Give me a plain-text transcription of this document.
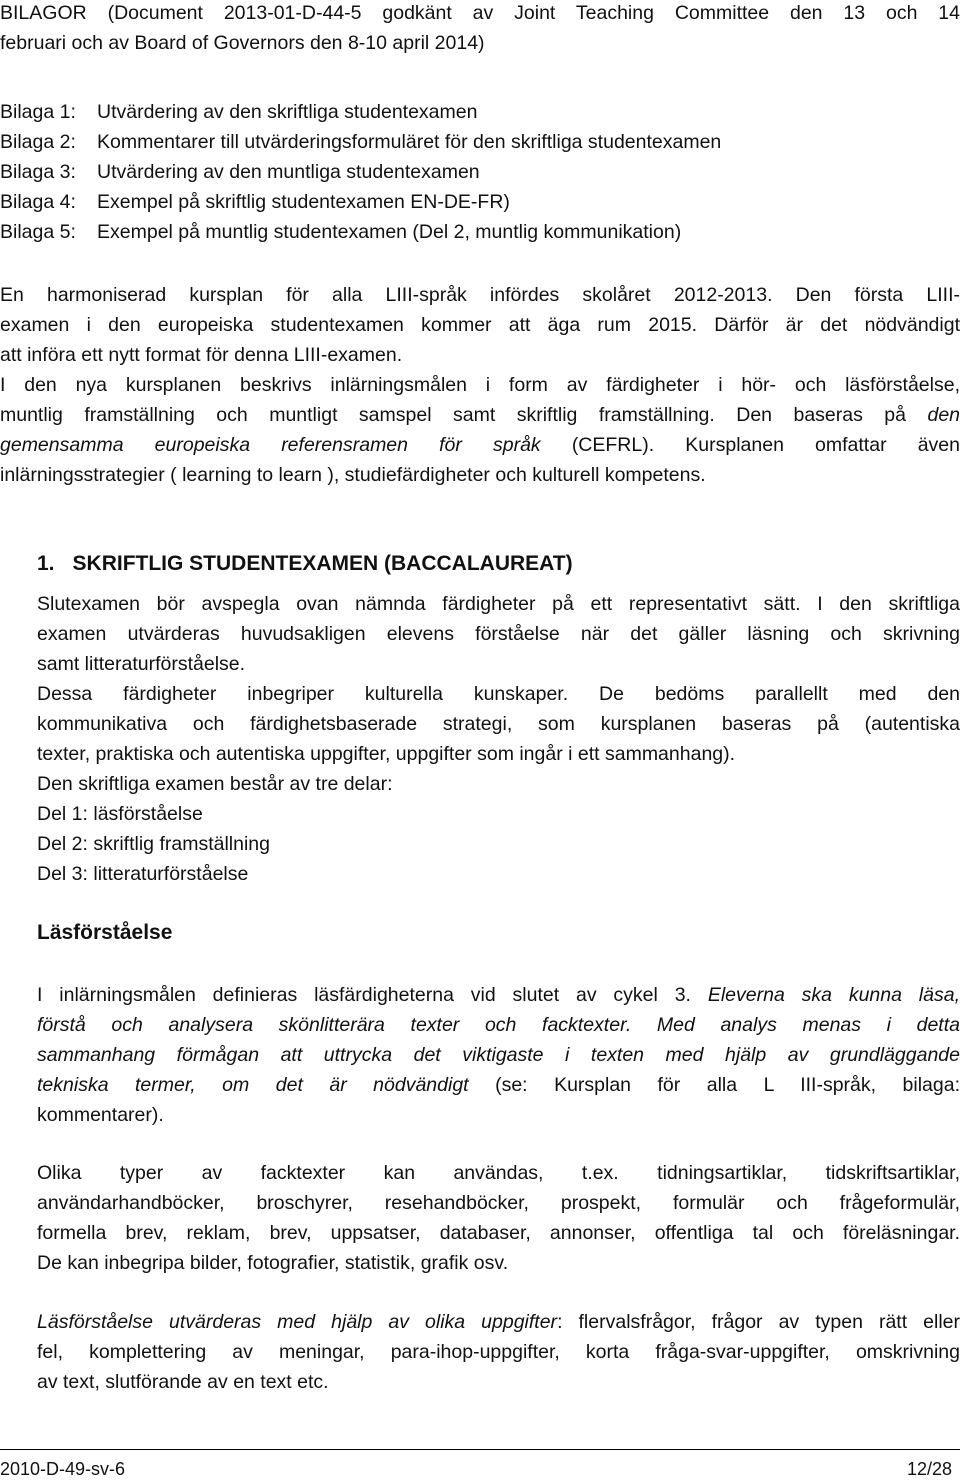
BILAGOR (Document 2013-01-D-44-5 godkänt av Joint Teaching Committee den 13 och 14
februari och av Board of Governors den 8-10 april 2014)
Bilaga 1: Utvärdering av den skriftliga studentexamen
Bilaga 2: Kommentarer till utvärderingsformuläret för den skriftliga studentexamen
Bilaga 3: Utvärdering av den muntliga studentexamen
Bilaga 4: Exempel på skriftlig studentexamen EN-DE-FR)
Bilaga 5: Exempel på muntlig studentexamen (Del 2, muntlig kommunikation)
En harmoniserad kursplan för alla LIII-språk infördes skolåret 2012-2013. Den första LIII-
examen i den europeiska studentexamen kommer att äga rum 2015. Därför är det nödvändigt
att införa ett nytt format för denna LIII-examen.
I den nya kursplanen beskrivs inlärningsmålen i form av färdigheter i hör- och läsförståelse,
muntlig framställning och muntligt samspel samt skriftlig framställning. Den baseras på den
gemensamma europeiska referensramen för språk (CEFRL). Kursplanen omfattar även
inlärningsstrategier ( learning to learn ), studiefärdigheter och kulturell kompetens.
1. SKRIFTLIG STUDENTEXAMEN (BACCALAUREAT)
Slutexamen bör avspegla ovan nämnda färdigheter på ett representativt sätt. I den skriftliga
examen utvärderas huvudsakligen elevens förståelse när det gäller läsning och skrivning
samt litteraturförståelse.
Dessa färdigheter inbegriper kulturella kunskaper. De bedöms parallellt med den
kommunikativa och färdighetsbaserade strategi, som kursplanen baseras på (autentiska
texter, praktiska och autentiska uppgifter, uppgifter som ingår i ett sammanhang).
Den skriftliga examen består av tre delar:
Del 1: läsförståelse
Del 2: skriftlig framställning
Del 3: litteraturförståelse
Läsförståelse
I inlärningsmålen definieras läsfärdigheterna vid slutet av cykel 3. Eleverna ska kunna läsa,
förstå och analysera skönlitterära texter och facktexter. Med analys menas i detta
sammanhang förmågan att uttrycka det viktigaste i texten med hjälp av grundläggande
tekniska termer, om det är nödvändigt (se: Kursplan för alla L III-språk, bilaga:
kommentarer).
Olika typer av facktexter kan användas, t.ex. tidningsartiklar, tidskriftsartiklar,
användarhandböcker, broschyrer, resehandböcker, prospekt, formulär och frågeformulär,
formella brev, reklam, brev, uppsatser, databaser, annonser, offentliga tal och föreläsningar.
De kan inbegripa bilder, fotografier, statistik, grafik osv.
Läsförståelse utvärderas med hjälp av olika uppgifter: flervalsfrågor, frågor av typen rätt eller
fel, komplettering av meningar, para-ihop-uppgifter, korta fråga-svar-uppgifter, omskrivning
av text, slutförande av en text etc.
2010-D-49-sv-6	12/28
